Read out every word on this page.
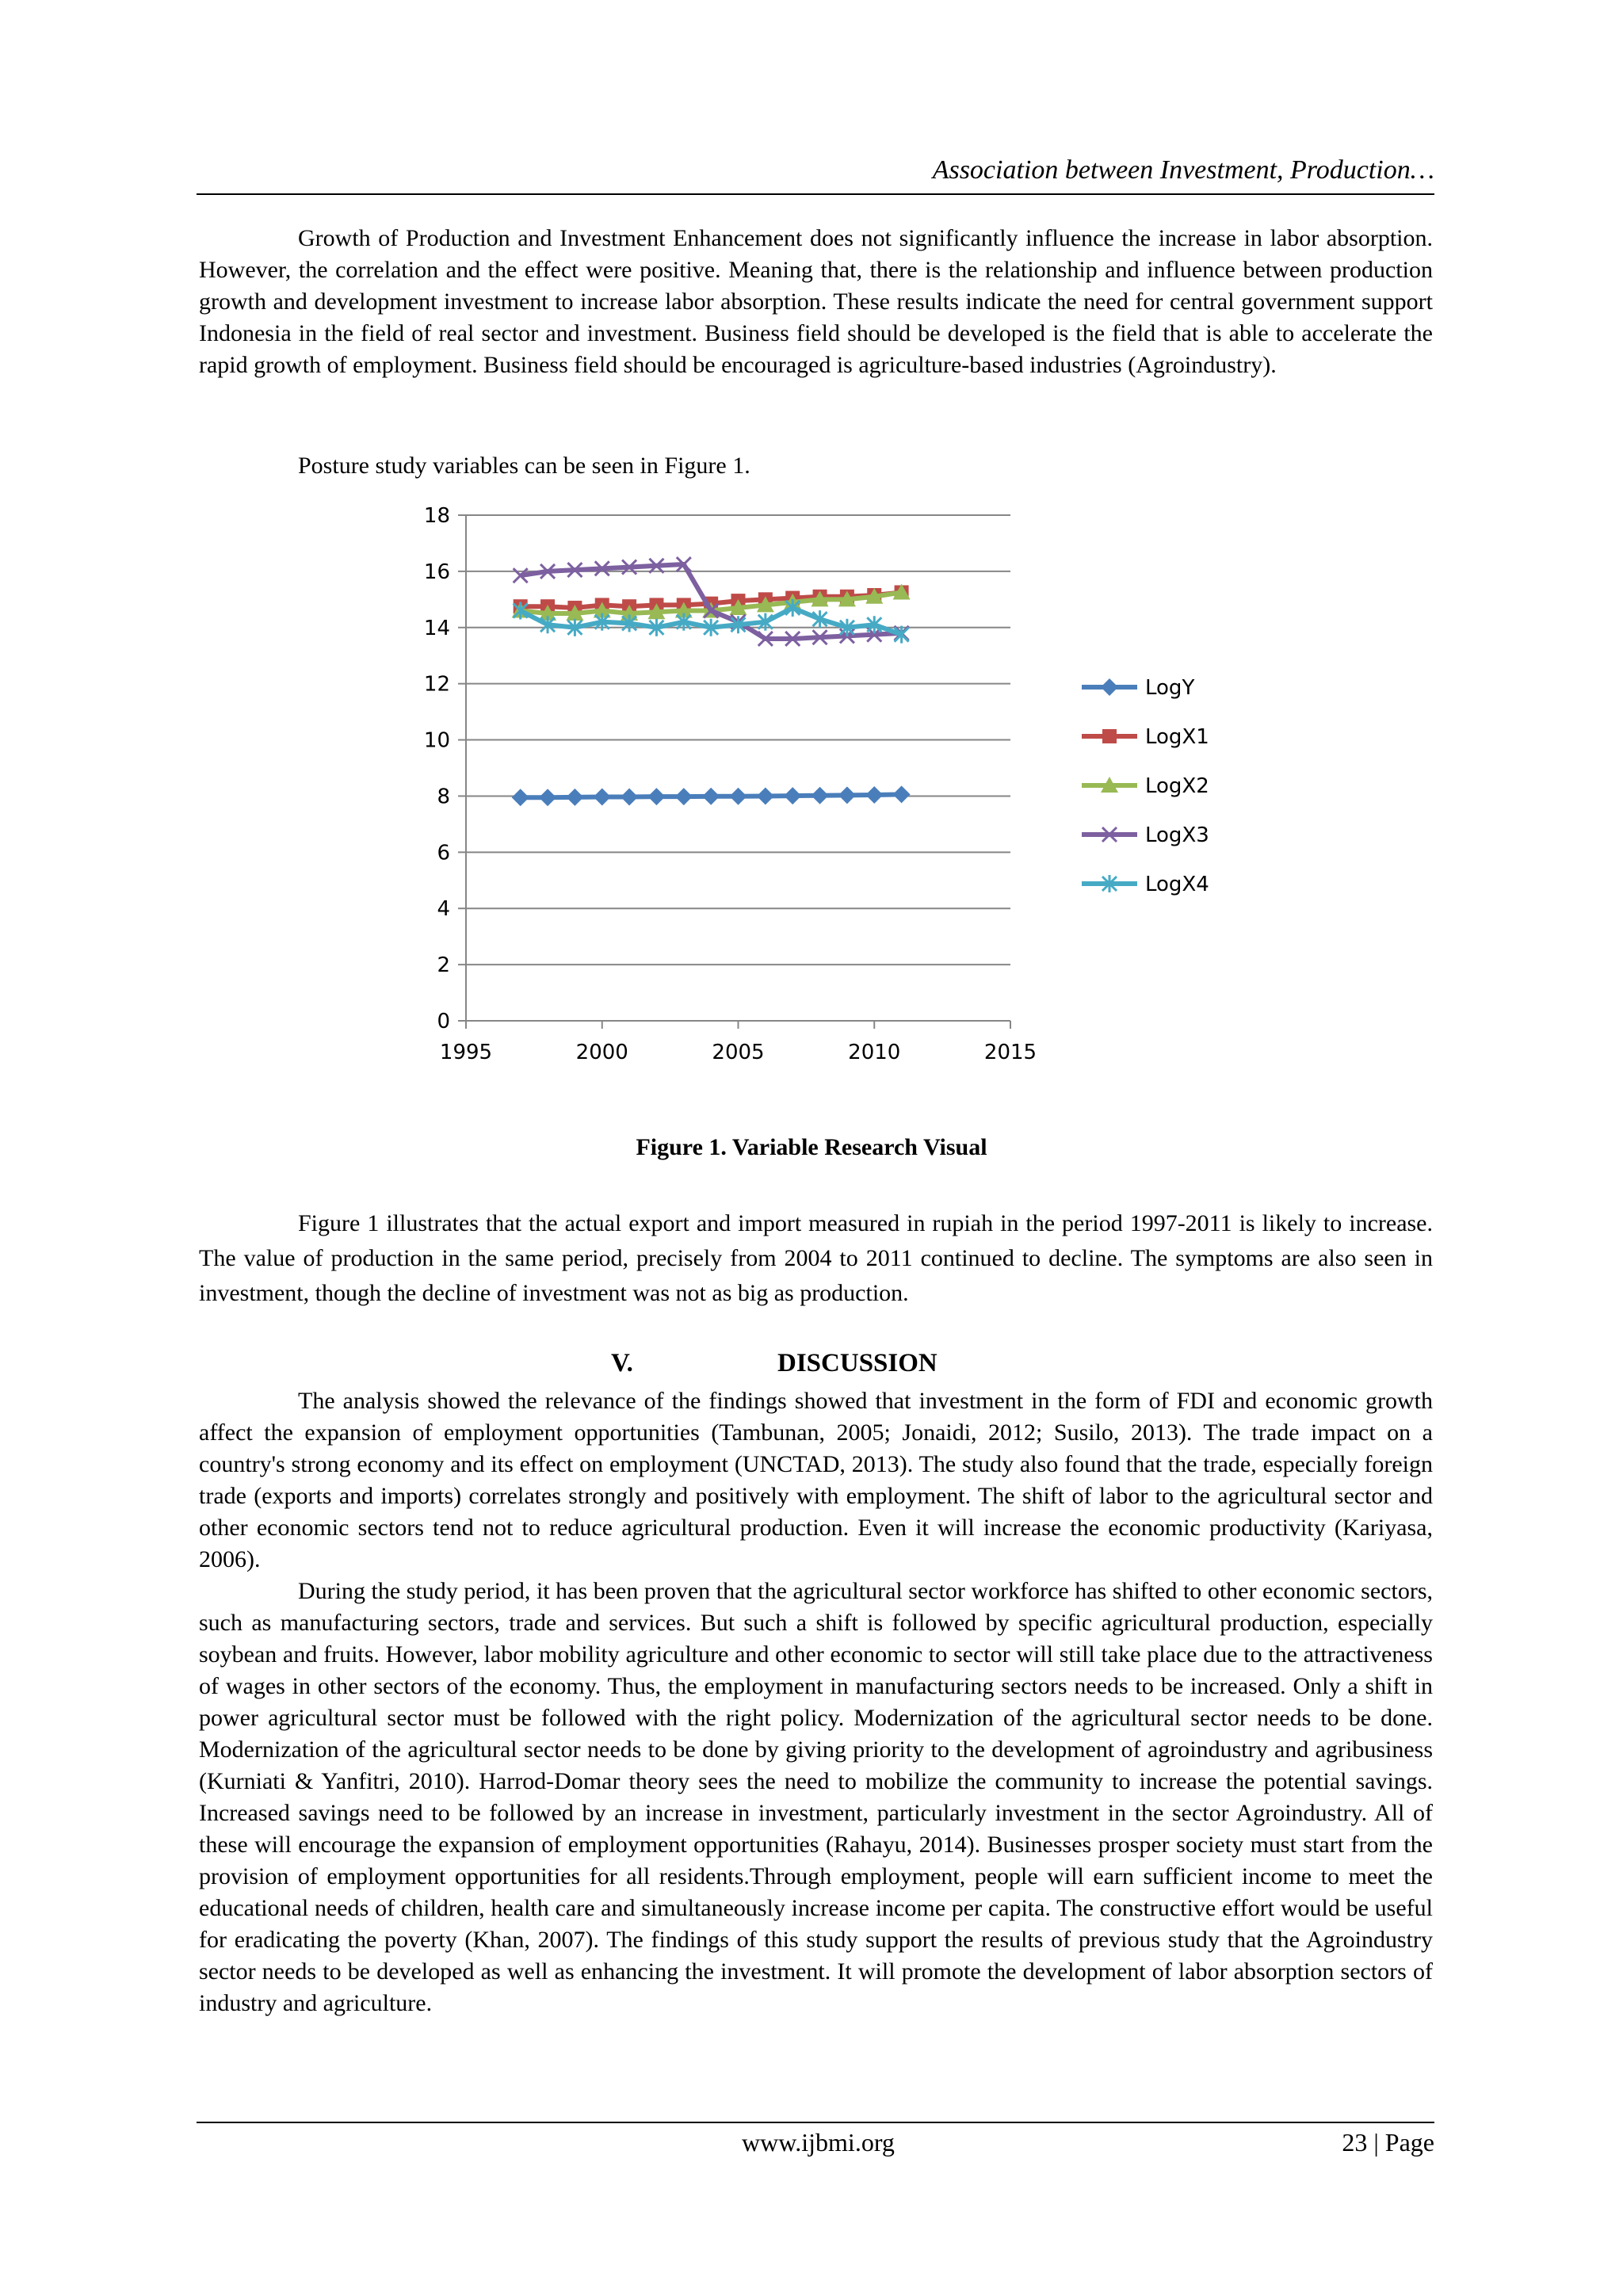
Association between Investment, Production…

Growth of Production and Investment Enhancement does not significantly influence the increase in labor absorption. However, the correlation and the effect were positive. Meaning that, there is the relationship and influence between production growth and development investment to increase labor absorption. These results indicate the need for central government support Indonesia in the field of real sector and investment. Business field should be developed is the field that is able to accelerate the rapid growth of employment. Business field should be encouraged is agriculture-based industries (Agroindustry).

Posture study variables can be seen in Figure 1.

0
2
4
6
8
10
12
14
16
18
1995	2000	2005	2010	2015
LogY
LogX1
LogX2
LogX3
LogX4
Figure 1. Variable Research Visual

Figure 1 illustrates that the actual export and import measured in rupiah in the period 1997-2011 is likely to increase. The value of production in the same period, precisely from 2004 to 2011 continued to decline. The symptoms are also seen in investment, though the decline of investment was not as big as production.

V.	DISCUSSION

The analysis showed the relevance of the findings showed that investment in the form of FDI and economic growth affect the expansion of employment opportunities (Tambunan, 2005; Jonaidi, 2012; Susilo, 2013). The trade impact on a country's strong economy and its effect on employment (UNCTAD, 2013). The study also found that the trade, especially foreign trade (exports and imports) correlates strongly and positively with employment. The shift of labor to the agricultural sector and other economic sectors tend not to reduce agricultural production. Even it will increase the economic productivity (Kariyasa, 2006).

During the study period, it has been proven that the agricultural sector workforce has shifted to other economic sectors, such as manufacturing sectors, trade and services. But such a shift is followed by specific agricultural production, especially soybean and fruits. However, labor mobility agriculture and other economic to sector will still take place due to the attractiveness of wages in other sectors of the economy. Thus, the employment in manufacturing sectors needs to be increased. Only a shift in power agricultural sector must be followed with the right policy. Modernization of the agricultural sector needs to be done. Modernization of the agricultural sector needs to be done by giving priority to the development of agroindustry and agribusiness (Kurniati & Yanfitri, 2010). Harrod-Domar theory sees the need to mobilize the community to increase the potential savings. Increased savings need to be followed by an increase in investment, particularly investment in the sector Agroindustry. All of these will encourage the expansion of employment opportunities (Rahayu, 2014). Businesses prosper society must start from the provision of employment opportunities for all residents.Through employment, people will earn sufficient income to meet the educational needs of children, health care and simultaneously increase income per capita. The constructive effort would be useful for eradicating the poverty (Khan, 2007). The findings of this study support the results of previous study that the Agroindustry sector needs to be developed as well as enhancing the investment. It will promote the development of labor absorption sectors of industry and agriculture.

www.ijbmi.org	23 | Page
